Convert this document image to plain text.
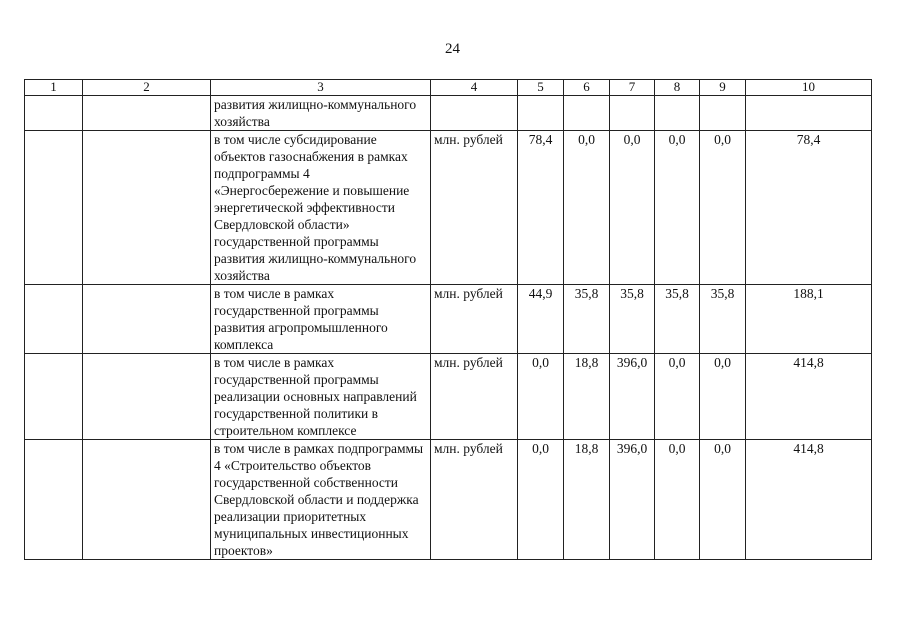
24
1	2	3	4	5	6	7	8	9	10
		развития жилищно-коммунального хозяйства							
		в том числе субсидирование объектов газоснабжения в рамках подпрограммы 4 «Энергосбережение и повышение энергетической эффективности Свердловской области» государственной программы развития жилищно-коммунального хозяйства	млн. рублей	78,4	0,0	0,0	0,0	0,0	78,4
		в том числе в рамках государственной программы развития агропромышленного комплекса	млн. рублей	44,9	35,8	35,8	35,8	35,8	188,1
		в том числе в рамках государственной программы реализации основных направлений государственной политики в строительном комплексе	млн. рублей	0,0	18,8	396,0	0,0	0,0	414,8
		в том числе в рамках подпрограммы 4 «Строительство объектов государственной собственности Свердловской области и поддержка реализации приоритетных муниципальных инвестиционных проектов»	млн. рублей	0,0	18,8	396,0	0,0	0,0	414,8
